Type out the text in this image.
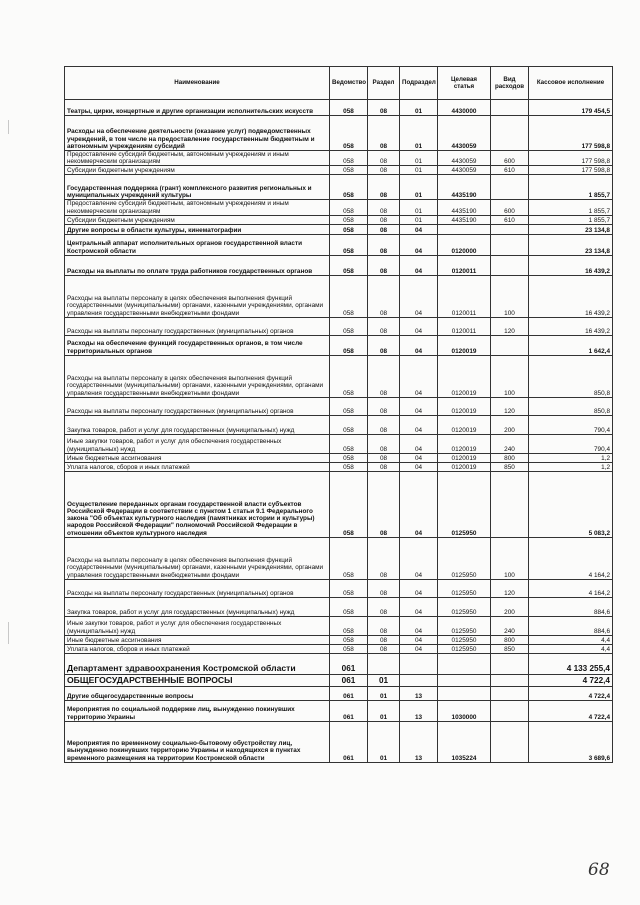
Наименование	Ведомство	Раздел	Подраздел	Целевая статья	Вид расходов	Кассовое исполнение
Театры, цирки, концертные и другие организации исполнительских искусств	058	08	01	4430000		179 454,5
Расходы на обеспечение деятельности (оказание услуг) подведомственных учреждений, в том числе на предоставление государственным бюджетным и автономным учреждениям субсидий	058	08	01	4430059		177 598,8
Предоставление субсидий бюджетным, автономным учреждениям и иным некоммерческим организациям	058	08	01	4430059	600	177 598,8
Субсидии бюджетным учреждениям	058	08	01	4430059	610	177 598,8
Государственная поддержка (грант) комплексного развития региональных и муниципальных учреждений культуры	058	08	01	4435190		1 855,7
Предоставление субсидий бюджетным, автономным учреждениям и иным некоммерческим организациям	058	08	01	4435190	600	1 855,7
Субсидии бюджетным учреждениям	058	08	01	4435190	610	1 855,7
Другие вопросы в области культуры, кинематографии	058	08	04			23 134,8
Центральный аппарат исполнительных органов государственной власти Костромской области	058	08	04	0120000		23 134,8
Расходы на выплаты по оплате труда работников государственных органов	058	08	04	0120011		16 439,2
Расходы на выплаты персоналу в целях обеспечения выполнения функций государственными (муниципальными) органами, казенными учреждениями, органами управления государственными внебюджетными фондами	058	08	04	0120011	100	16 439,2
Расходы на выплаты персоналу государственных (муниципальных) органов	058	08	04	0120011	120	16 439,2
Расходы на обеспечение функций государственных органов, в том числе территориальных органов	058	08	04	0120019		1 642,4
Расходы на выплаты персоналу в целях обеспечения выполнения функций государственными (муниципальными) органами, казенными учреждениями, органами управления государственными внебюджетными фондами	058	08	04	0120019	100	850,8
Расходы на выплаты персоналу государственных (муниципальных) органов	058	08	04	0120019	120	850,8
Закупка товаров, работ и услуг для государственных (муниципальных) нужд	058	08	04	0120019	200	790,4
Иные закупки товаров, работ и услуг для обеспечения государственных (муниципальных) нужд	058	08	04	0120019	240	790,4
Иные бюджетные ассигнования	058	08	04	0120019	800	1,2
Уплата налогов, сборов и иных платежей	058	08	04	0120019	850	1,2
Осуществление переданных органам государственной власти субъектов Российской Федерации в соответствии с пунктом 1 статьи 9.1 Федерального закона "Об объектах культурного наследия (памятниках истории и культуры) народов Российской Федерации" полномочий Российской Федерации в отношении объектов культурного наследия	058	08	04	0125950		5 083,2
Расходы на выплаты персоналу в целях обеспечения выполнения функций государственными (муниципальными) органами, казенными учреждениями, органами управления государственными внебюджетными фондами	058	08	04	0125950	100	4 164,2
Расходы на выплаты персоналу государственных (муниципальных) органов	058	08	04	0125950	120	4 164,2
Закупка товаров, работ и услуг для государственных (муниципальных) нужд	058	08	04	0125950	200	884,6
Иные закупки товаров, работ и услуг для обеспечения государственных (муниципальных) нужд	058	08	04	0125950	240	884,6
Иные бюджетные ассигнования	058	08	04	0125950	800	4,4
Уплата налогов, сборов и иных платежей	058	08	04	0125950	850	4,4
Департамент здравоохранения Костромской области	061					4 133 255,4
ОБЩЕГОСУДАРСТВЕННЫЕ ВОПРОСЫ	061	01				4 722,4
Другие общегосударственные вопросы	061	01	13			4 722,4
Мероприятия по социальной поддержке лиц, вынужденно покинувших территорию Украины	061	01	13	1030000		4 722,4
Мероприятия по временному социально-бытовому обустройству лиц, вынужденно покинувших территорию Украины и находящихся в пунктах временного размещения на территории Костромской области	061	01	13	1035224		3 689,6
68
